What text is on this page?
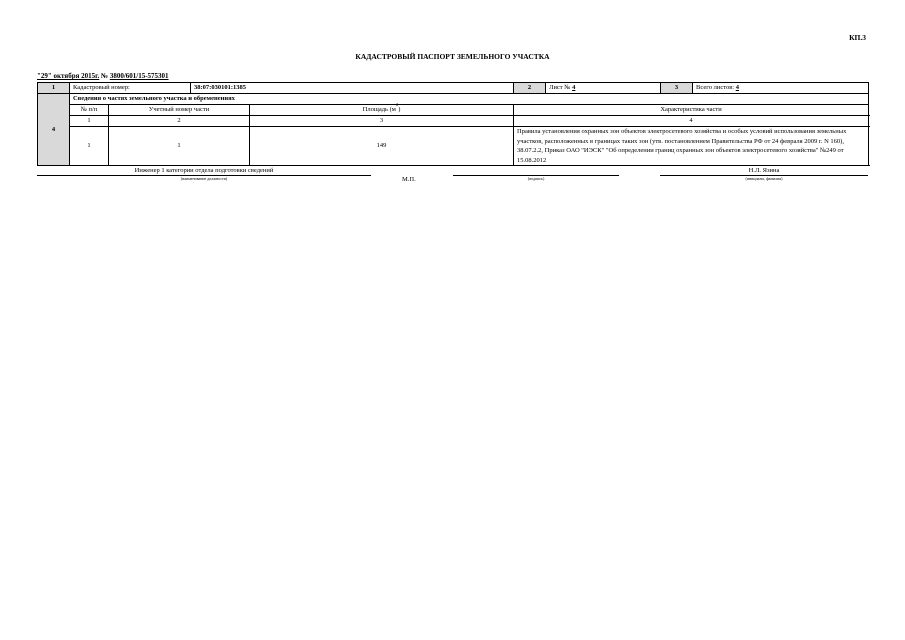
КП.3
КАДАСТРОВЫЙ ПАСПОРТ ЗЕМЕЛЬНОГО УЧАСТКА
"29" октября 2015г. № 3800/601/15-575301
1	Кадастровый номер:		38:07:030101:1385		2	Лист № 4	3	Всего листов: 4
4	Сведения о частях земельного участка и обременениях							
	№ п/п	Учетный номер части		Площадь $(м^2)$	Характеристика части			
	1	2		3	4			
	1	1		149	Правила установления охранных зон объектов электросетевого хозяйства и особых условий использования земельных участков, расположенных в границах таких зон (утв. постановлением Правительства РФ от 24 февраля 2009 г. N 160), 38.07.2.2, Приказ ОАО "ИЭСК" "Об определении границ охранных зон объектов электросетевого хозяйства" №249 от 15.08.2012			
Инженер 1 категории отдела подготовки сведений
(наименование должности)	М.П.	(подпись)
Н.Л. Язина
(инициалы, фамилия)
